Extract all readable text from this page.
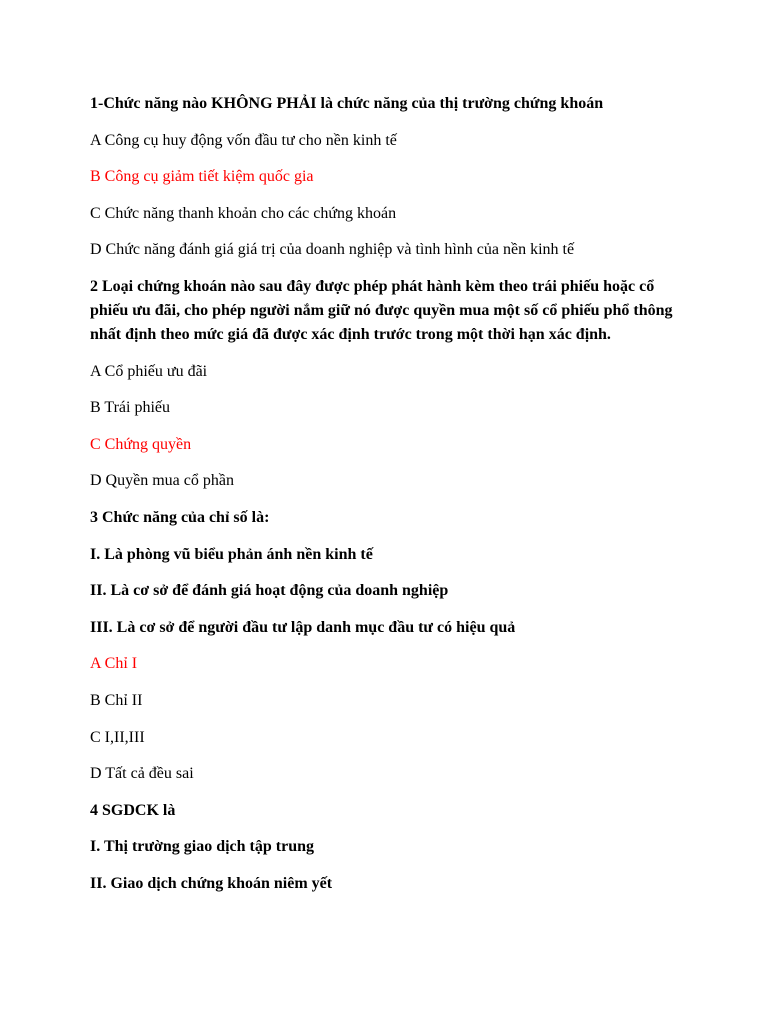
1-Chức năng nào KHÔNG PHẢI là chức năng của thị trường chứng khoán

A Công cụ huy động vốn đầu tư cho nền kinh tế

B Công cụ giảm tiết kiệm quốc gia

C Chức năng thanh khoản cho các chứng khoán

D Chức năng đánh giá giá trị của doanh nghiệp và tình hình của nền kinh tế

2 Loại chứng khoán nào sau đây được phép phát hành kèm theo trái phiếu hoặc cổ phiếu ưu đãi, cho phép người nắm giữ nó được quyền mua một số cổ phiếu phổ thông nhất định theo mức giá đã được xác định trước trong một thời hạn xác định.

A Cổ phiếu ưu đãi

B Trái phiếu

C Chứng quyền

D Quyền mua cổ phần

3 Chức năng của chỉ số là:

I. Là phòng vũ biểu phản ánh nền kinh tế

II. Là cơ sở để đánh giá hoạt động của doanh nghiệp

III. Là cơ sở để người đầu tư lập danh mục đầu tư có hiệu quả

A Chỉ I

B Chỉ II

C I,II,III

D Tất cả đều sai

4 SGDCK là

I. Thị trường giao dịch tập trung

II. Giao dịch chứng khoán niêm yết
